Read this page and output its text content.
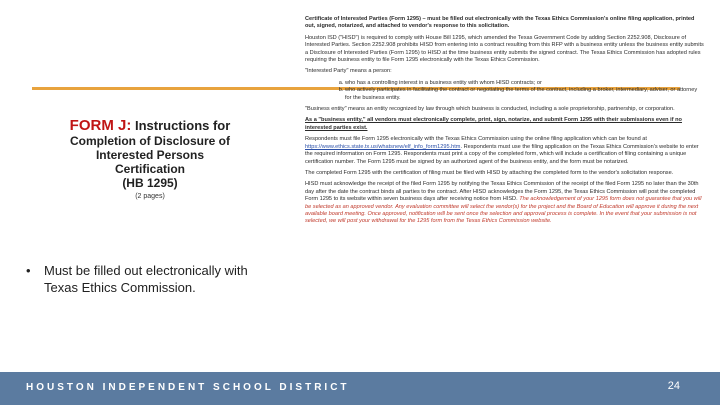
FORM J: Instructions for
Completion of Disclosure of
Interested Persons
Certification
(HB 1295)
(2 pages)
•	Must be filled out electronically with Texas Ethics Commission.

Certificate of Interested Parties (Form 1295) – must be filled out electronically with the Texas Ethics Commission's online filing application, printed out, signed, notarized, and attached to vendor's response to this solicitation.

Houston ISD ("HISD") is required to comply with House Bill 1295, which amended the Texas Government Code by adding Section 2252.908, Disclosure of Interested Parties. Section 2252.908 prohibits HISD from entering into a contract resulting from this RFP with a business entity unless the business entity submits a Disclosure of Interested Parties (Form 1295) to HISD at the time business entity submits the signed contract. The Texas Ethics Commission has adopted rules requiring the business entity to file Form 1295 electronically with the Texas Ethics Commission.

"Interested Party" means a person:

a. who has a controlling interest in a business entity with whom HISD contracts; or
b. who actively participates in facilitating the contract or negotiating the terms of the contract, including a broker, intermediary, adviser, or attorney for the business entity.

"Business entity" means an entity recognized by law through which business is conducted, including a sole proprietorship, partnership, or corporation.

As a "business entity," all vendors must electronically complete, print, sign, notarize, and submit Form 1295 with their submissions even if no interested parties exist.

Respondents must file Form 1295 electronically with the Texas Ethics Commission using the online filing application which can be found at https://www.ethics.state.tx.us/whatsnew/elf_info_form1295.htm. Respondents must use the filing application on the Texas Ethics Commission's website to enter the required information on Form 1295. Respondents must print a copy of the completed form, which will include a certification of filing containing a unique certification number. The Form 1295 must be signed by an authorized agent of the business entity, and the form must be notarized.

The completed Form 1295 with the certification of filing must be filed with HISD by attaching the completed form to the vendor's solicitation response.

HISD must acknowledge the receipt of the filed Form 1295 by notifying the Texas Ethics Commission of the receipt of the filed Form 1295 no later than the 30th day after the date the contract binds all parties to the contract. After HISD acknowledges the Form 1295, the Texas Ethics Commission will post the completed Form 1295 to its website within seven business days after receiving notice from HISD. The acknowledgement of your 1295 form does not guarantee that you will be selected as an approved vendor. Any evaluation committee will select the vendor(s) for the project and the Board of Education will approve it during the next available board meeting. Once approved, notification will be sent once the selection and approval process is complete. In the event that your submission is not selected, we will post your withdrawal for the 1295 form from the Texas Ethics Commission website.

HOUSTON INDEPENDENT SCHOOL DISTRICT	24
